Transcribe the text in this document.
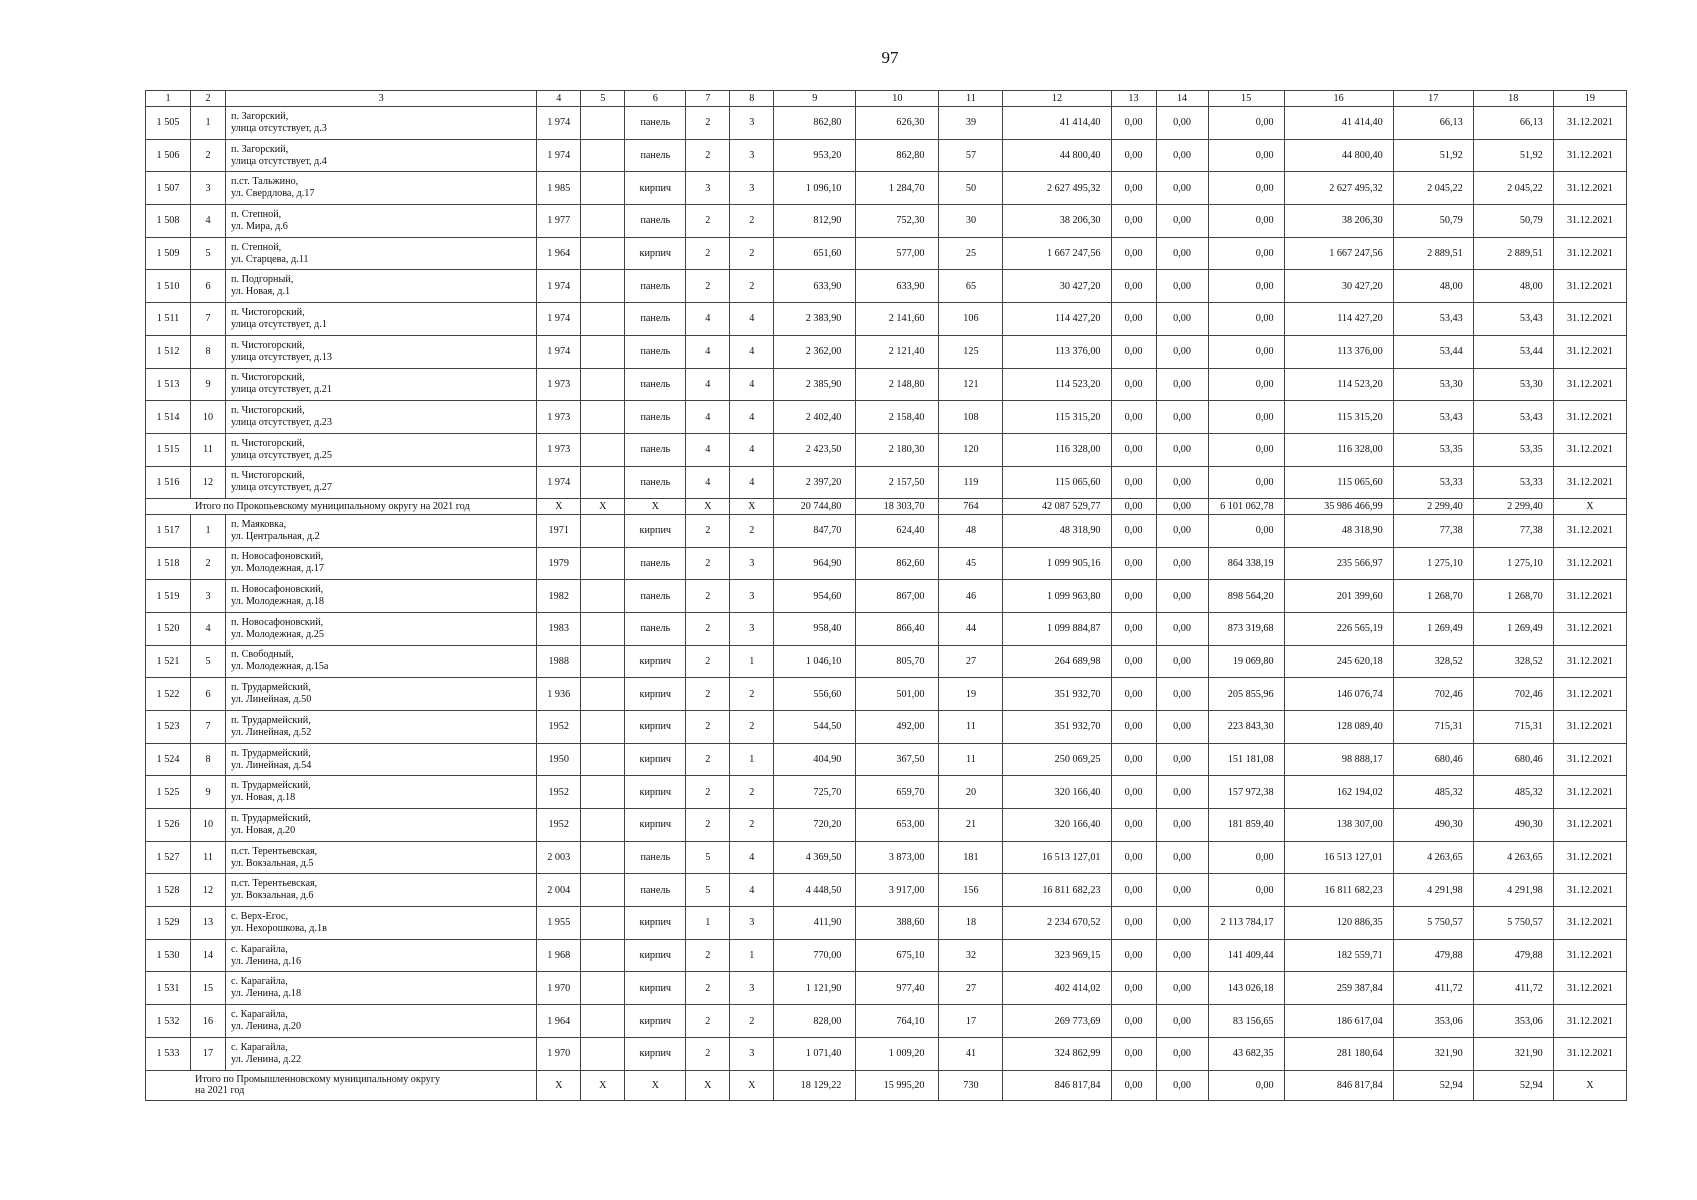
97
1	2	3	4	5	6	7	8	9	10	11	12	13	14	15	16	17	18	19
1 505	1	п. Загорский,
улица отсутствует, д.3	1 974		панель	2	3	862,80	626,30	39	41 414,40	0,00	0,00	0,00	41 414,40	66,13	66,13	31.12.2021
1 506	2	п. Загорский,
улица отсутствует, д.4	1 974		панель	2	3	953,20	862,80	57	44 800,40	0,00	0,00	0,00	44 800,40	51,92	51,92	31.12.2021
1 507	3	п.ст. Тальжино,
ул. Свердлова, д.17	1 985		кирпич	3	3	1 096,10	1 284,70	50	2 627 495,32	0,00	0,00	0,00	2 627 495,32	2 045,22	2 045,22	31.12.2021
1 508	4	п. Степной,
ул. Мира, д.6	1 977		панель	2	2	812,90	752,30	30	38 206,30	0,00	0,00	0,00	38 206,30	50,79	50,79	31.12.2021
1 509	5	п. Степной,
ул. Старцева, д.11	1 964		кирпич	2	2	651,60	577,00	25	1 667 247,56	0,00	0,00	0,00	1 667 247,56	2 889,51	2 889,51	31.12.2021
1 510	6	п. Подгорный,
ул. Новая, д.1	1 974		панель	2	2	633,90	633,90	65	30 427,20	0,00	0,00	0,00	30 427,20	48,00	48,00	31.12.2021
1 511	7	п. Чистогорский,
улица отсутствует, д.1	1 974		панель	4	4	2 383,90	2 141,60	106	114 427,20	0,00	0,00	0,00	114 427,20	53,43	53,43	31.12.2021
1 512	8	п. Чистогорский,
улица отсутствует, д.13	1 974		панель	4	4	2 362,00	2 121,40	125	113 376,00	0,00	0,00	0,00	113 376,00	53,44	53,44	31.12.2021
1 513	9	п. Чистогорский,
улица отсутствует, д.21	1 973		панель	4	4	2 385,90	2 148,80	121	114 523,20	0,00	0,00	0,00	114 523,20	53,30	53,30	31.12.2021
1 514	10	п. Чистогорский,
улица отсутствует, д.23	1 973		панель	4	4	2 402,40	2 158,40	108	115 315,20	0,00	0,00	0,00	115 315,20	53,43	53,43	31.12.2021
1 515	11	п. Чистогорский,
улица отсутствует, д.25	1 973		панель	4	4	2 423,50	2 180,30	120	116 328,00	0,00	0,00	0,00	116 328,00	53,35	53,35	31.12.2021
1 516	12	п. Чистогорский,
улица отсутствует, д.27	1 974		панель	4	4	2 397,20	2 157,50	119	115 065,60	0,00	0,00	0,00	115 065,60	53,33	53,33	31.12.2021
Итого по Прокопьевскому муниципальному округу на 2021 год			Х	Х	Х	Х	Х	20 744,80	18 303,70	764	42 087 529,77	0,00	0,00	6 101 062,78	35 986 466,99	2 299,40	2 299,40	Х
1 517	1	п. Маяковка,
ул. Центральная, д.2	1971		кирпич	2	2	847,70	624,40	48	48 318,90	0,00	0,00	0,00	48 318,90	77,38	77,38	31.12.2021
1 518	2	п. Новосафоновский,
ул. Молодежная, д.17	1979		панель	2	3	964,90	862,60	45	1 099 905,16	0,00	0,00	864 338,19	235 566,97	1 275,10	1 275,10	31.12.2021
1 519	3	п. Новосафоновский,
ул. Молодежная, д.18	1982		панель	2	3	954,60	867,00	46	1 099 963,80	0,00	0,00	898 564,20	201 399,60	1 268,70	1 268,70	31.12.2021
1 520	4	п. Новосафоновский,
ул. Молодежная, д.25	1983		панель	2	3	958,40	866,40	44	1 099 884,87	0,00	0,00	873 319,68	226 565,19	1 269,49	1 269,49	31.12.2021
1 521	5	п. Свободный,
ул. Молодежная, д.15а	1988		кирпич	2	1	1 046,10	805,70	27	264 689,98	0,00	0,00	19 069,80	245 620,18	328,52	328,52	31.12.2021
1 522	6	п. Трудармейский,
ул. Линейная, д.50	1 936		кирпич	2	2	556,60	501,00	19	351 932,70	0,00	0,00	205 855,96	146 076,74	702,46	702,46	31.12.2021
1 523	7	п. Трудармейский,
ул. Линейная, д.52	1952		кирпич	2	2	544,50	492,00	11	351 932,70	0,00	0,00	223 843,30	128 089,40	715,31	715,31	31.12.2021
1 524	8	п. Трудармейский,
ул. Линейная, д.54	1950		кирпич	2	1	404,90	367,50	11	250 069,25	0,00	0,00	151 181,08	98 888,17	680,46	680,46	31.12.2021
1 525	9	п. Трудармейский,
ул. Новая, д.18	1952		кирпич	2	2	725,70	659,70	20	320 166,40	0,00	0,00	157 972,38	162 194,02	485,32	485,32	31.12.2021
1 526	10	п. Трудармейский,
ул. Новая, д.20	1952		кирпич	2	2	720,20	653,00	21	320 166,40	0,00	0,00	181 859,40	138 307,00	490,30	490,30	31.12.2021
1 527	11	п.ст. Терентьевская,
ул. Вокзальная, д.5	2 003		панель	5	4	4 369,50	3 873,00	181	16 513 127,01	0,00	0,00	0,00	16 513 127,01	4 263,65	4 263,65	31.12.2021
1 528	12	п.ст. Терентьевская,
ул. Вокзальная, д.6	2 004		панель	5	4	4 448,50	3 917,00	156	16 811 682,23	0,00	0,00	0,00	16 811 682,23	4 291,98	4 291,98	31.12.2021
1 529	13	с. Верх-Егос,
ул. Нехорошкова, д.1в	1 955		кирпич	1	3	411,90	388,60	18	2 234 670,52	0,00	0,00	2 113 784,17	120 886,35	5 750,57	5 750,57	31.12.2021
1 530	14	с. Карагайла,
ул. Ленина, д.16	1 968		кирпич	2	1	770,00	675,10	32	323 969,15	0,00	0,00	141 409,44	182 559,71	479,88	479,88	31.12.2021
1 531	15	с. Карагайла,
ул. Ленина, д.18	1 970		кирпич	2	3	1 121,90	977,40	27	402 414,02	0,00	0,00	143 026,18	259 387,84	411,72	411,72	31.12.2021
1 532	16	с. Карагайла,
ул. Ленина, д.20	1 964		кирпич	2	2	828,00	764,10	17	269 773,69	0,00	0,00	83 156,65	186 617,04	353,06	353,06	31.12.2021
1 533	17	с. Карагайла,
ул. Ленина, д.22	1 970		кирпич	2	3	1 071,40	1 009,20	41	324 862,99	0,00	0,00	43 682,35	281 180,64	321,90	321,90	31.12.2021

Итого по Промышленновскому муниципальному округу
на 2021 год			Х	Х	Х	Х	Х	18 129,22	15 995,20	730	846 817,84	0,00	0,00	0,00	846 817,84	52,94	52,94	Х
